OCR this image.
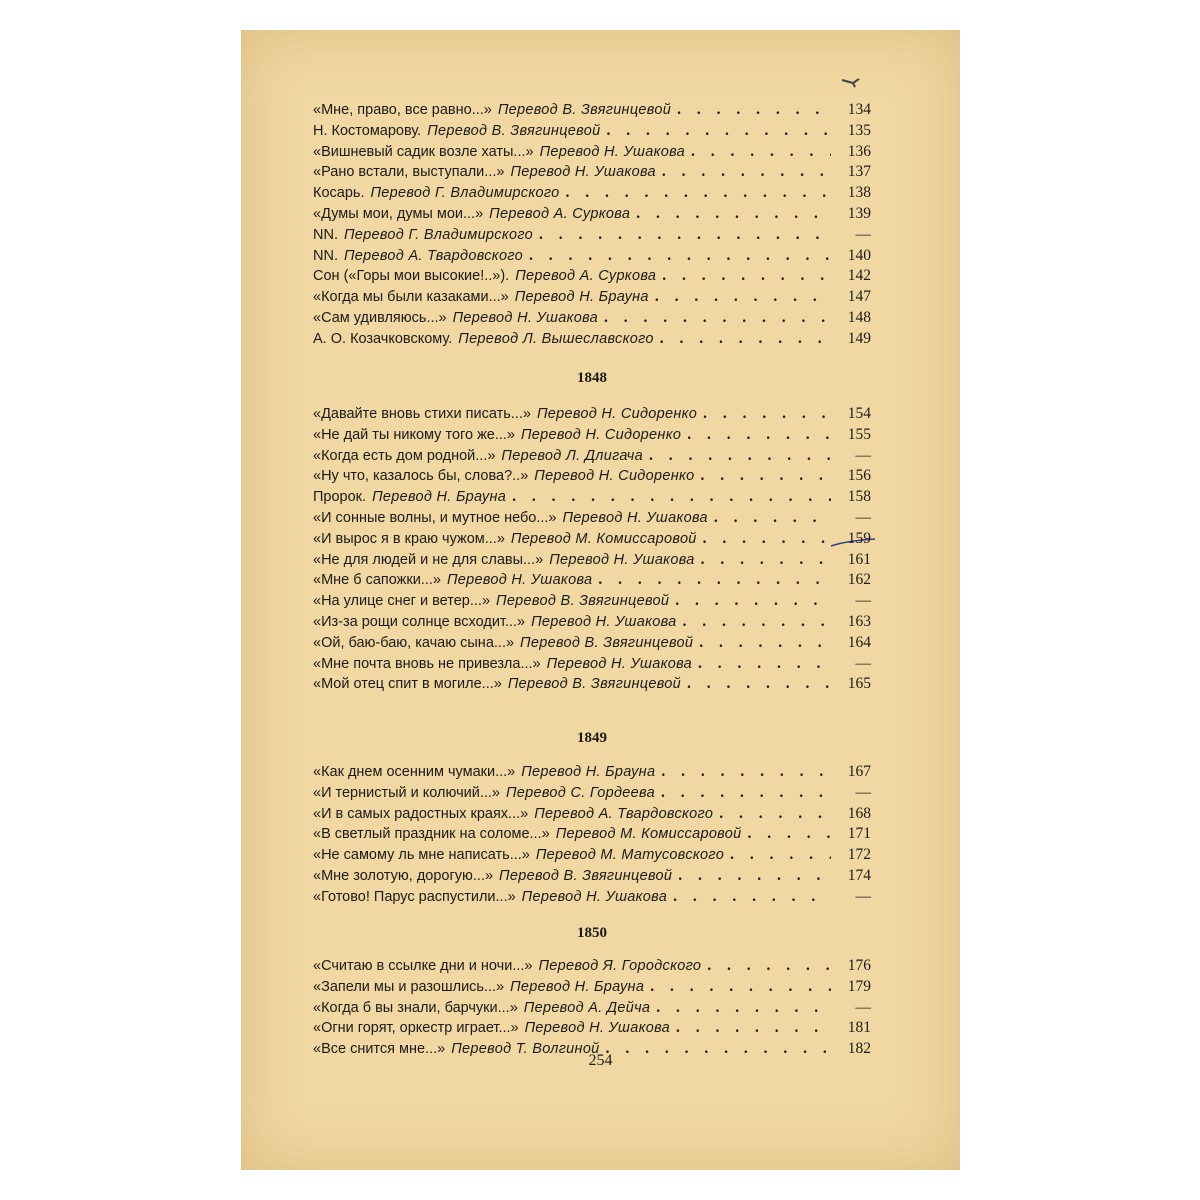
«Мне, право, все равно...» Перевод В. Звягинцевой . . .	134
Н. Костомарову. Перевод В. Звягинцевой . . .	135
«Вишневый садик возле хаты...» Перевод Н. Ушакова . . .	136
«Рано встали, выступали...» Перевод Н. Ушакова . . .	137
Косарь. Перевод Г. Владимирского . . .	138
«Думы мои, думы мои...» Перевод А. Суркова . . .	139
NN. Перевод Г. Владимирского . . .	—
NN. Перевод А. Твардовского . . .	140
Сон («Горы мои высокие!..»). Перевод А. Суркова . . .	142
«Когда мы были казаками...» Перевод Н. Брауна . . .	147
«Сам удивляюсь...» Перевод Н. Ушакова . . .	148
А. О. Козачковскому. Перевод Л. Вышеславского . . .	149
1848
«Давайте вновь стихи писать...» Перевод Н. Сидоренко . . .	154
«Не дай ты никому того же...» Перевод Н. Сидоренко . . .	155
«Когда есть дом родной...» Перевод Л. Длигача . . .	—
«Ну что, казалось бы, слова?..» Перевод Н. Сидоренко . . .	156
Пророк. Перевод Н. Брауна . . .	158
«И сонные волны, и мутное небо...» Перевод Н. Ушакова . . .	—
«И вырос я в краю чужом...» Перевод М. Комиссаровой . . .	159
«Не для людей и не для славы...» Перевод Н. Ушакова . . .	161
«Мне б сапожки...» Перевод Н. Ушакова . . .	162
«На улице снег и ветер...» Перевод В. Звягинцевой . . .	—
«Из-за рощи солнце всходит...» Перевод Н. Ушакова . . .	163
«Ой, баю-баю, качаю сына...» Перевод В. Звягинцевой . . .	164
«Мне почта вновь не привезла...» Перевод Н. Ушакова . . .	—
«Мой отец спит в могиле...» Перевод В. Звягинцевой . . .	165
1849
«Как днем осенним чумаки...» Перевод Н. Брауна . . .	167
«И тернистый и колючий...» Перевод С. Гордеева . . .	—
«И в самых радостных краях...» Перевод А. Твардовского . . .	168
«В светлый праздник на соломе...» Перевод М. Комиссаровой . . .	171
«Не самому ль мне написать...» Перевод М. Матусовского . . .	172
«Мне золотую, дорогую...» Перевод В. Звягинцевой . . .	174
«Готово! Парус распустили...» Перевод Н. Ушакова . . .	—
1850
«Считаю в ссылке дни и ночи...» Перевод Я. Городского . . .	176
«Запели мы и разошлись...» Перевод Н. Брауна . . .	179
«Когда б вы знали, барчуки...» Перевод А. Дейча . . .	—
«Огни горят, оркестр играет...» Перевод Н. Ушакова . . .	181
«Все снится мне...» Перевод Т. Волгиной . . .	182
254
